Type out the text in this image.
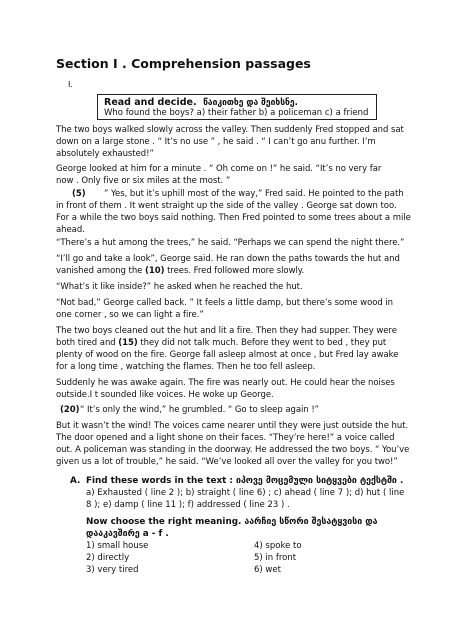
Section I . Comprehension passages
I.
Read and decide. წაიკითხე და შეიხსნე.
Who found the boys? a) their father b) a policeman c) a friend
The two boys walked slowly across the valley. Then suddenly Fred stopped and sat
down on a large stone . “ It’s no use ” , he said . “ I can’t go anu further. I’m
absolutely exhausted!”
George looked at him for a minute . “ Oh come on !” he said. “It’s no very far
now . Only five or six miles at the most. ”
(5) ” Yes, but it’s uphill most of the way,” Fred said. He pointed to the path
in front of them . It went straight up the side of the valley . George sat down too.
For a while the two boys said nothing. Then Fred pointed to some trees about a mile
ahead.
“There’s a hut among the trees,” he said. “Perhaps we can spend the night there.”
“I’ll go and take a look”, George said. He ran down the paths towards the hut and
vanished among the (10) trees. Fred followed more slowly.
“What’s it like inside?” he asked when he reached the hut.
“Not bad,” George called back. ” It feels a little damp, but there’s some wood in
one corner , so we can light a fire.”
The two boys cleaned out the hut and lit a fire. Then they had supper. They were
both tired and (15) they did not talk much. Before they went to bed , they put
plenty of wood on the fire. George fall asleep almost at once , but Fred lay awake
for a long time , watching the flames. Then he too fell asleep.
Suddenly he was awake again. The fire was nearly out. He could hear the noises
outside.I t sounded like voices. He woke up George.
(20) “ It’s only the wind,” he grumbled. “ Go to sleep again !”
But it wasn’t the wind! The voices came nearer until they were just outside the hut.
The door opened and a light shone on their faces. “They’re here!” a voice called
out. A policeman was standing in the doorway. He addressed the two boys. “ You’ve
given us a lot of trouble,” he said. “We’ve looked all over the valley for you two!”
A. Find these words in the text : იპოვე მოცემული სიტყვები ტექსტში .
a) Exhausted ( line 2 ); b) straight ( line 6) ; c) ahead ( line 7 ); d) hut ( line
8 ); e) damp ( line 11 ); f) addressed ( line 23 ) .
Now choose the right meaning. აარჩიე სწორი შესატყვისი და
დააკავშირე a - f .
1) small house
2) directly
3) very tired
4) spoke to
5) in front
6) wet
